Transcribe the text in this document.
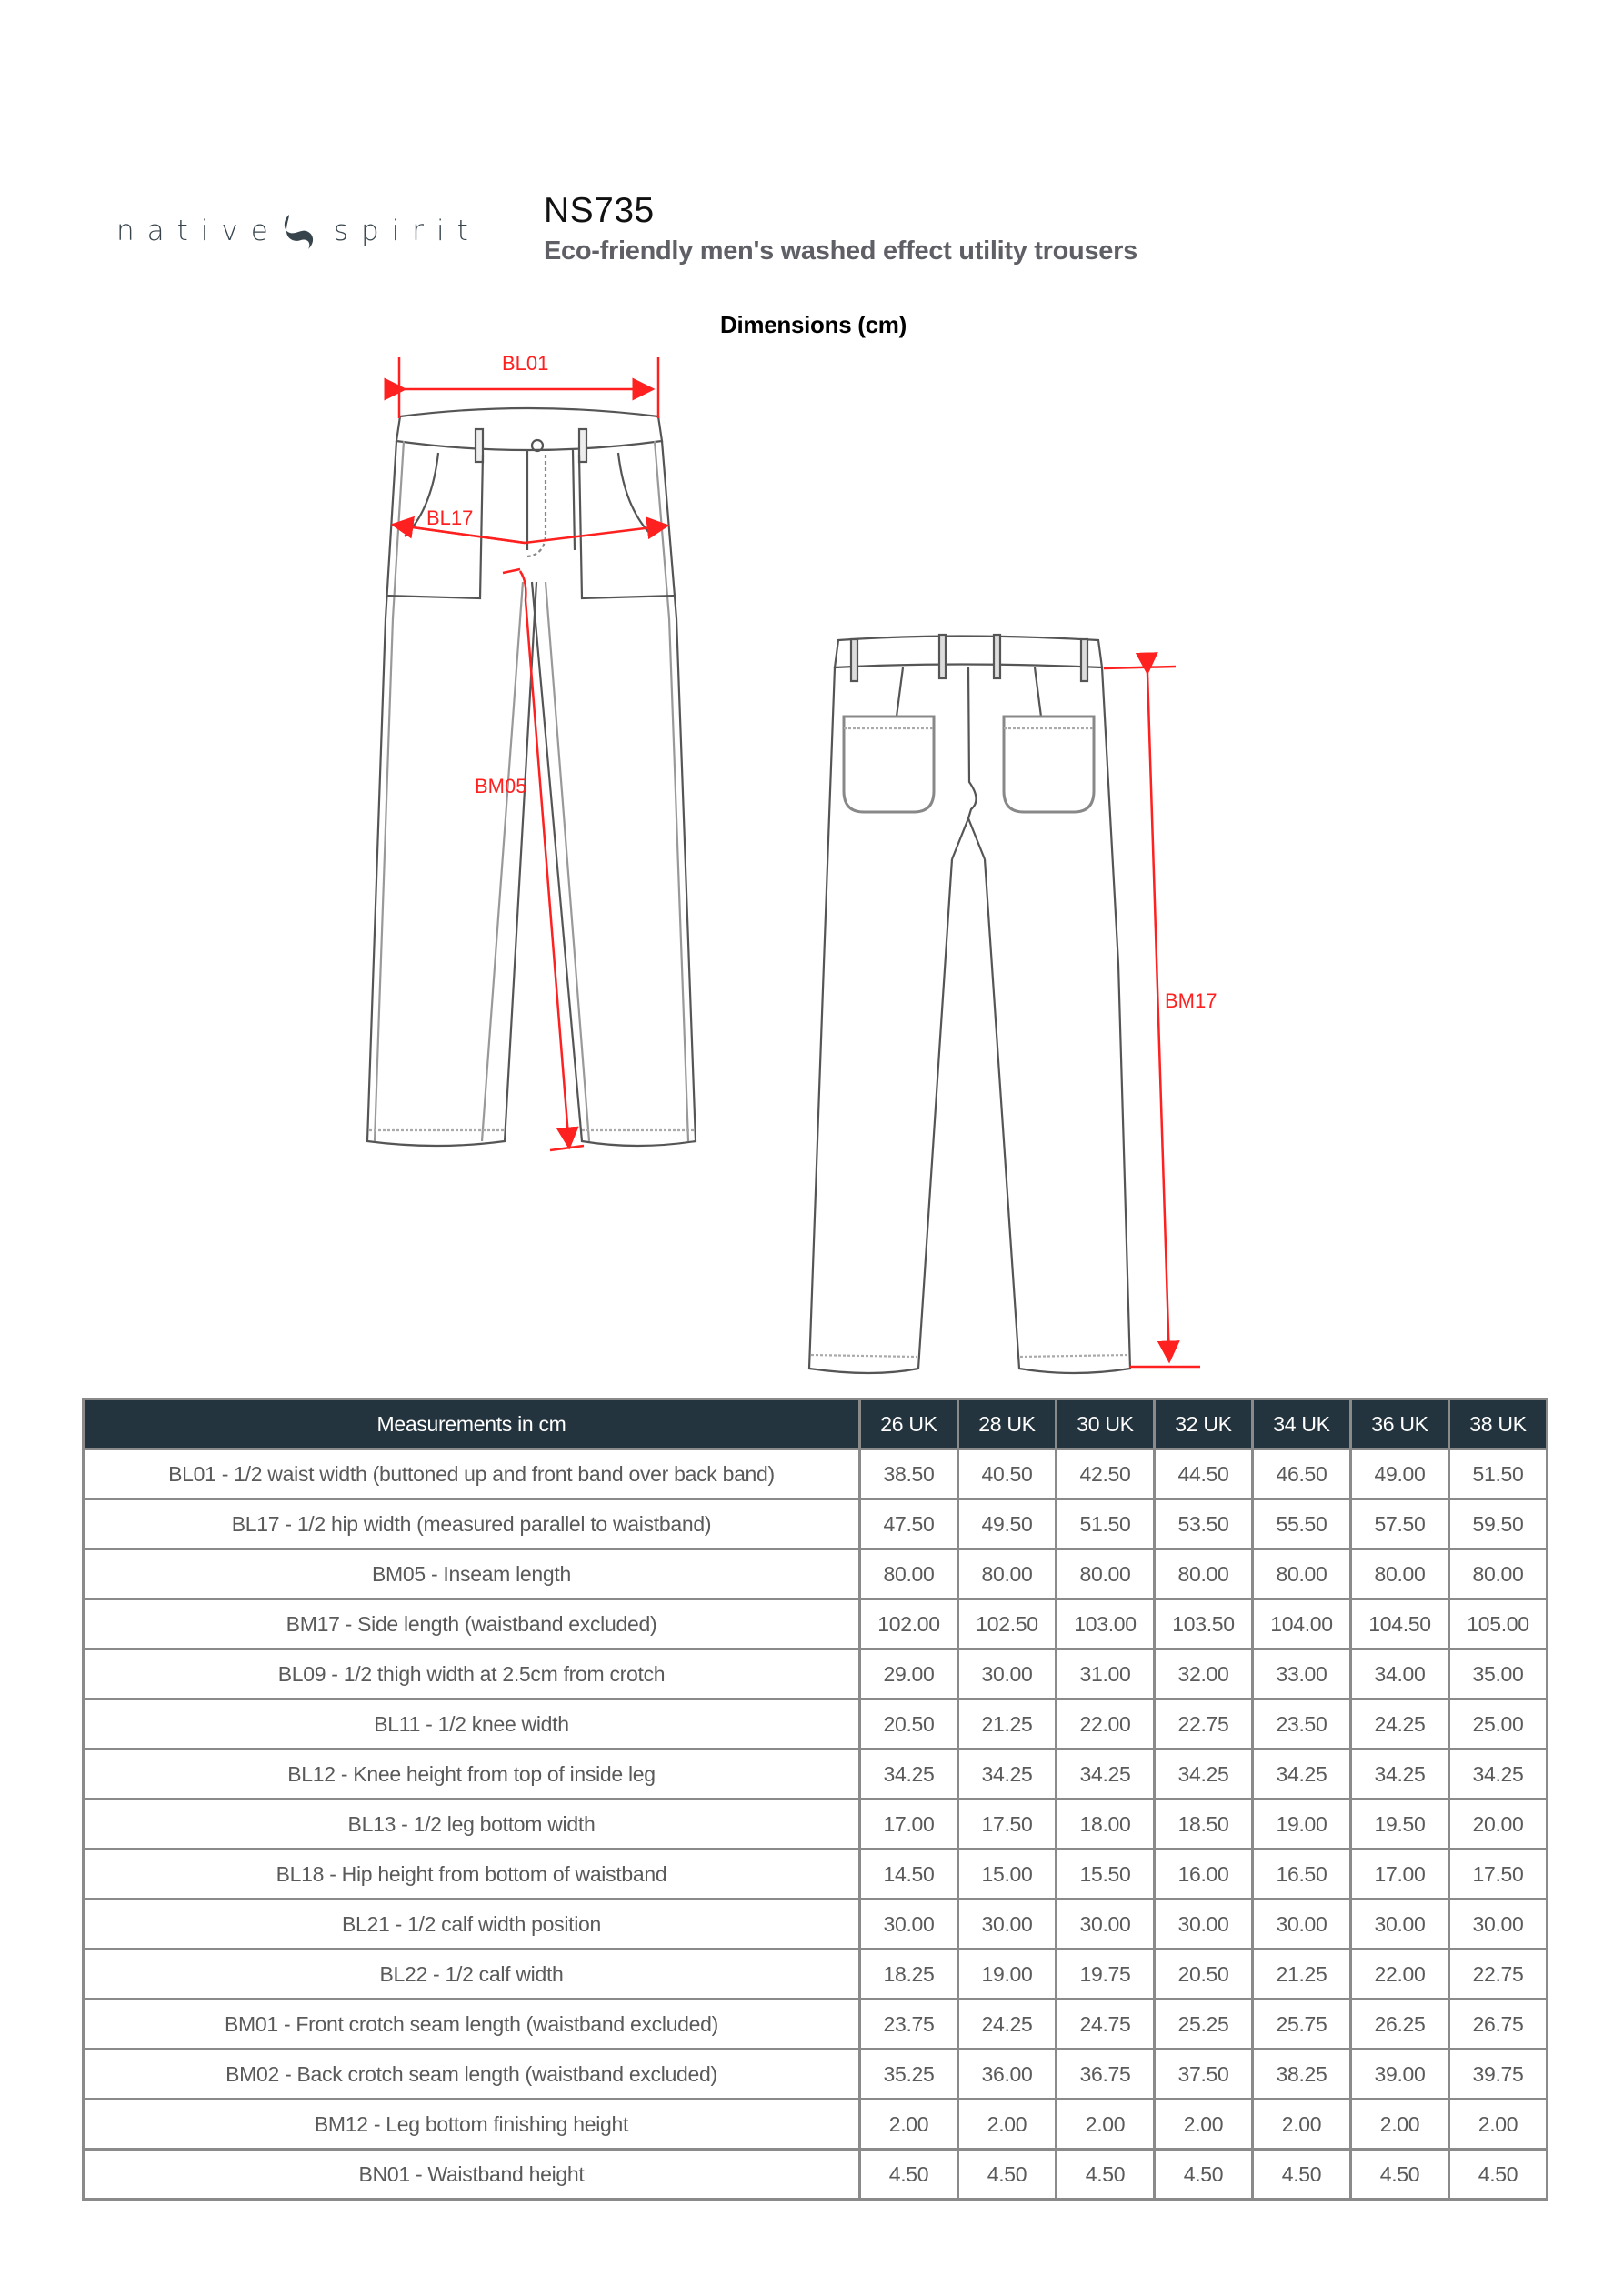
native spirit
NS735
Eco-friendly men's washed effect utility trousers
Dimensions (cm)
BL01
BL17
BM05
BM17
Measurements in cm	26 UK	28 UK	30 UK	32 UK	34 UK	36 UK	38 UK
BL01 - 1/2 waist width (buttoned up and front band over back band)	38.50	40.50	42.50	44.50	46.50	49.00	51.50
BL17 - 1/2 hip width (measured parallel to waistband)	47.50	49.50	51.50	53.50	55.50	57.50	59.50
BM05 - Inseam length	80.00	80.00	80.00	80.00	80.00	80.00	80.00
BM17 - Side length (waistband excluded)	102.00	102.50	103.00	103.50	104.00	104.50	105.00
BL09 - 1/2 thigh width at 2.5cm from crotch	29.00	30.00	31.00	32.00	33.00	34.00	35.00
BL11 - 1/2 knee width	20.50	21.25	22.00	22.75	23.50	24.25	25.00
BL12 - Knee height from top of inside leg	34.25	34.25	34.25	34.25	34.25	34.25	34.25
BL13 - 1/2 leg bottom width	17.00	17.50	18.00	18.50	19.00	19.50	20.00
BL18 - Hip height from bottom of waistband	14.50	15.00	15.50	16.00	16.50	17.00	17.50
BL21 - 1/2 calf width position	30.00	30.00	30.00	30.00	30.00	30.00	30.00
BL22 - 1/2 calf width	18.25	19.00	19.75	20.50	21.25	22.00	22.75
BM01 - Front crotch seam length (waistband excluded)	23.75	24.25	24.75	25.25	25.75	26.25	26.75
BM02 - Back crotch seam length (waistband excluded)	35.25	36.00	36.75	37.50	38.25	39.00	39.75
BM12 - Leg bottom finishing height	2.00	2.00	2.00	2.00	2.00	2.00	2.00
BN01 - Waistband height	4.50	4.50	4.50	4.50	4.50	4.50	4.50
